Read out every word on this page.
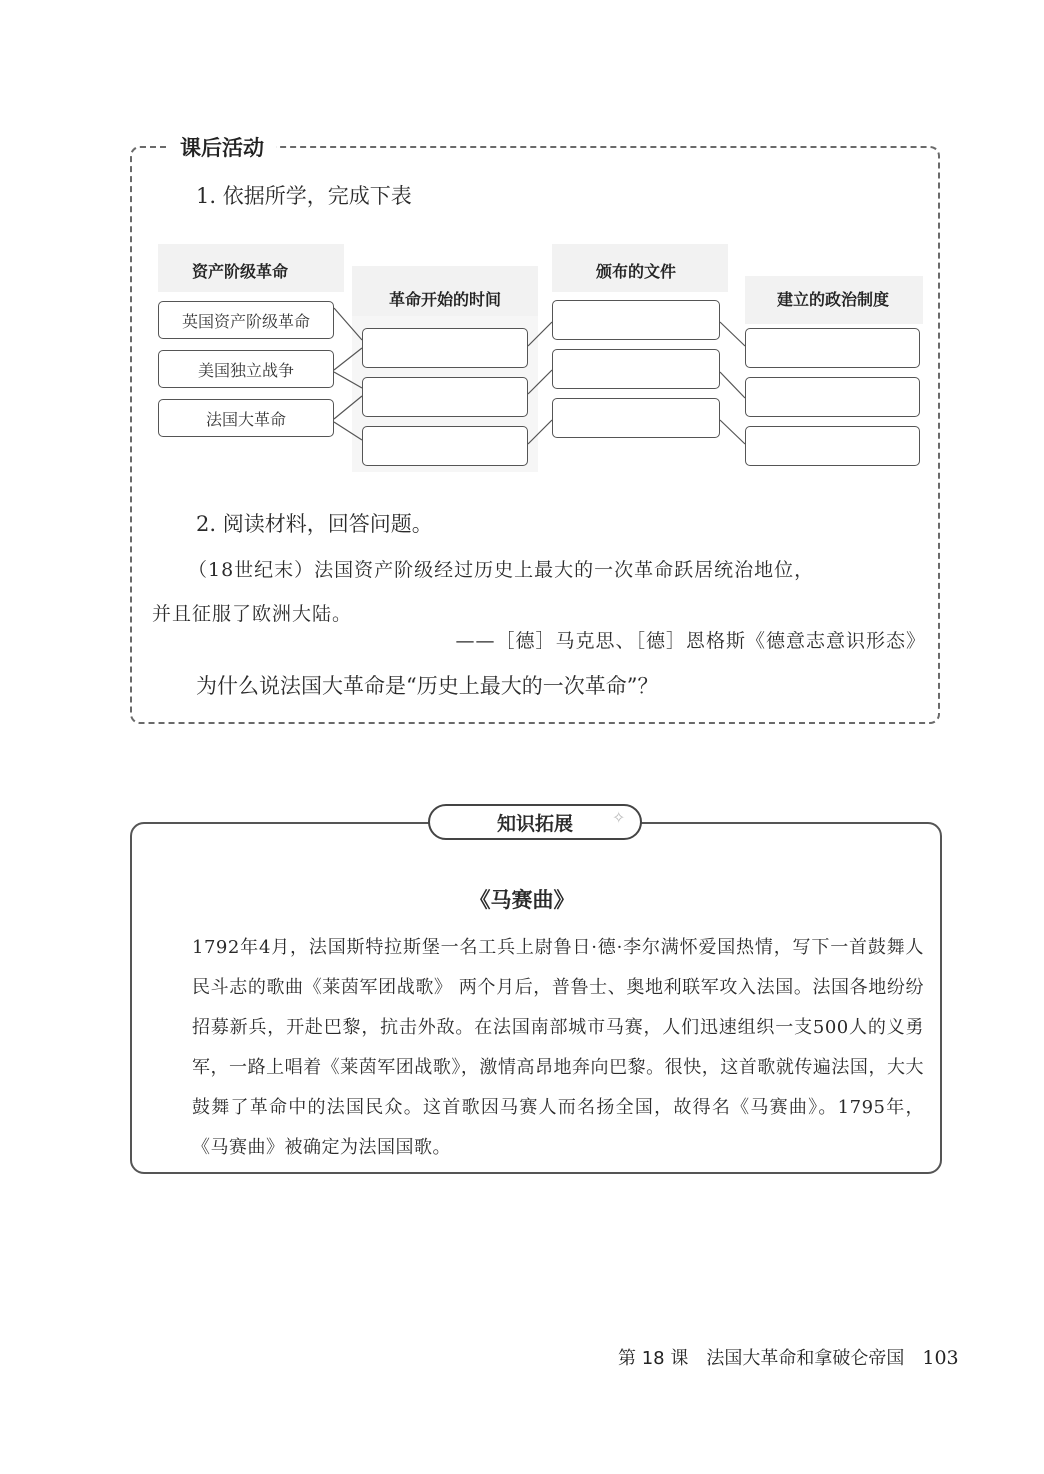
课后活动
1. 依据所学，完成下表
资产阶级革命
革命开始的时间
颁布的文件
建立的政治制度
英国资产阶级革命
美国独立战争
法国大革命
2. 阅读材料，回答问题。
（18世纪末）法国资产阶级经过历史上最大的一次革命跃居统治地位，
并且征服了欧洲大陆。
——［德］马克思、［德］恩格斯《德意志意识形态》
为什么说法国大革命是“历史上最大的一次革命”？
知识拓展	✧
《马赛曲》
1792年4月，法国斯特拉斯堡一名工兵上尉鲁日·德·李尔满怀爱国热情，写下一首鼓舞人民斗志的歌曲《莱茵军团战歌》 两个月后，普鲁士、奥地利联军攻入法国。法国各地纷纷招募新兵，开赴巴黎，抗击外敌。在法国南部城市马赛，人们迅速组织一支500人的义勇军，一路上唱着《莱茵军团战歌》，激情高昂地奔向巴黎。很快，这首歌就传遍法国，大大鼓舞了革命中的法国民众。这首歌因马赛人而名扬全国，故得名《马赛曲》。1795年，《马赛曲》被确定为法国国歌。
第 18 课　法国大革命和拿破仑帝国 103
